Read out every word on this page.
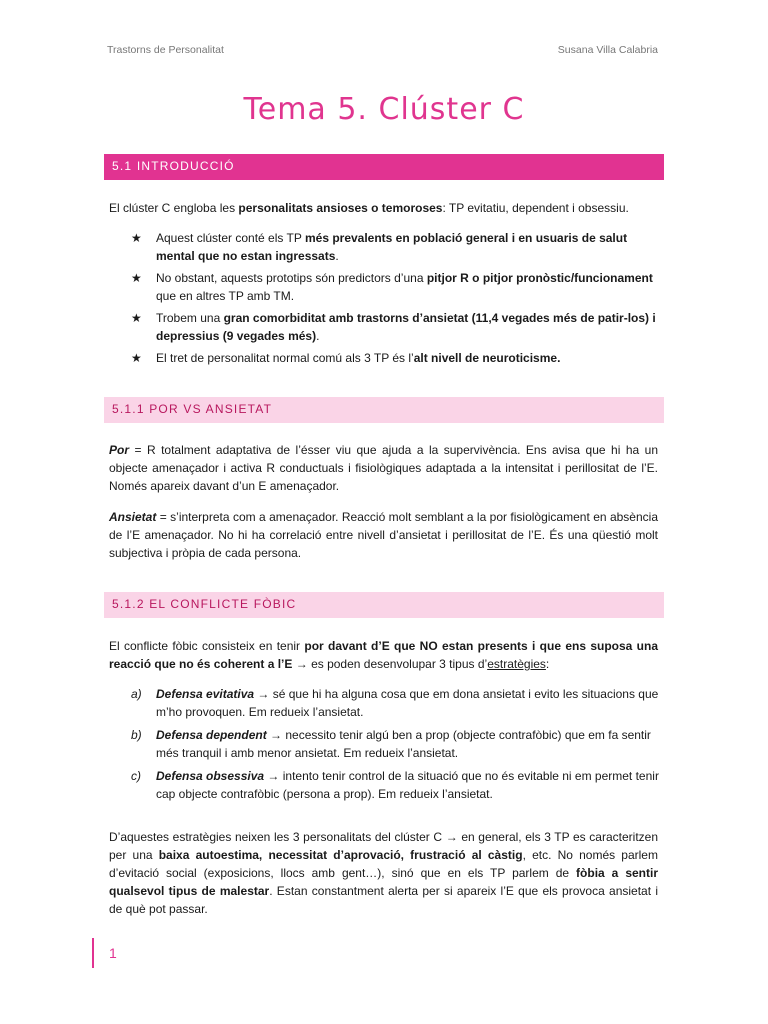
Trastorns de Personalitat	Susana Villa Calabria
Tema 5. Clúster C
5.1 INTRODUCCIÓ

El clúster C engloba les personalitats ansioses o temoroses: TP evitatiu, dependent i obsessiu.

★ Aquest clúster conté els TP més prevalents en població general i en usuaris de salut mental que no estan ingressats.
★ No obstant, aquests prototips són predictors d’una pitjor R o pitjor pronòstic/funcionament que en altres TP amb TM.
★ Trobem una gran comorbiditat amb trastorns d’ansietat (11,4 vegades més de patir-los) i depressius (9 vegades més).
★ El tret de personalitat normal comú als 3 TP és l’alt nivell de neuroticisme.
5.1.1 POR VS ANSIETAT

Por = R totalment adaptativa de l’ésser viu que ajuda a la supervivència. Ens avisa que hi ha un objecte amenaçador i activa R conductuals i fisiològiques adaptada a la intensitat i perillositat de l’E. Només apareix davant d’un E amenaçador.

Ansietat = s’interpreta com a amenaçador. Reacció molt semblant a la por fisiològicament en absència de l’E amenaçador. No hi ha correlació entre nivell d’ansietat i perillositat de l’E. És una qüestió molt subjectiva i pròpia de cada persona.

5.1.2 EL CONFLICTE FÒBIC

El conflicte fòbic consisteix en tenir por davant d’E que NO estan presents i que ens suposa una reacció que no és coherent a l’E → es poden desenvolupar 3 tipus d’estratègies:

a) Defensa evitativa → sé que hi ha alguna cosa que em dona ansietat i evito les situacions que m’ho provoquen. Em redueix l’ansietat.
b) Defensa dependent → necessito tenir algú ben a prop (objecte contrafòbic) que em fa sentir més tranquil i amb menor ansietat. Em redueix l’ansietat.
c) Defensa obsessiva → intento tenir control de la situació que no és evitable ni em permet tenir cap objecte contrafòbic (persona a prop). Em redueix l’ansietat.

D’aquestes estratègies neixen les 3 personalitats del clúster C → en general, els 3 TP es caracteritzen per una baixa autoestima, necessitat d’aprovació, frustració al càstig, etc. No només parlem d’evitació social (exposicions, llocs amb gent…), sinó que en els TP parlem de fòbia a sentir qualsevol tipus de malestar. Estan constantment alerta per si apareix l’E que els provoca ansietat i de què pot passar.

1
